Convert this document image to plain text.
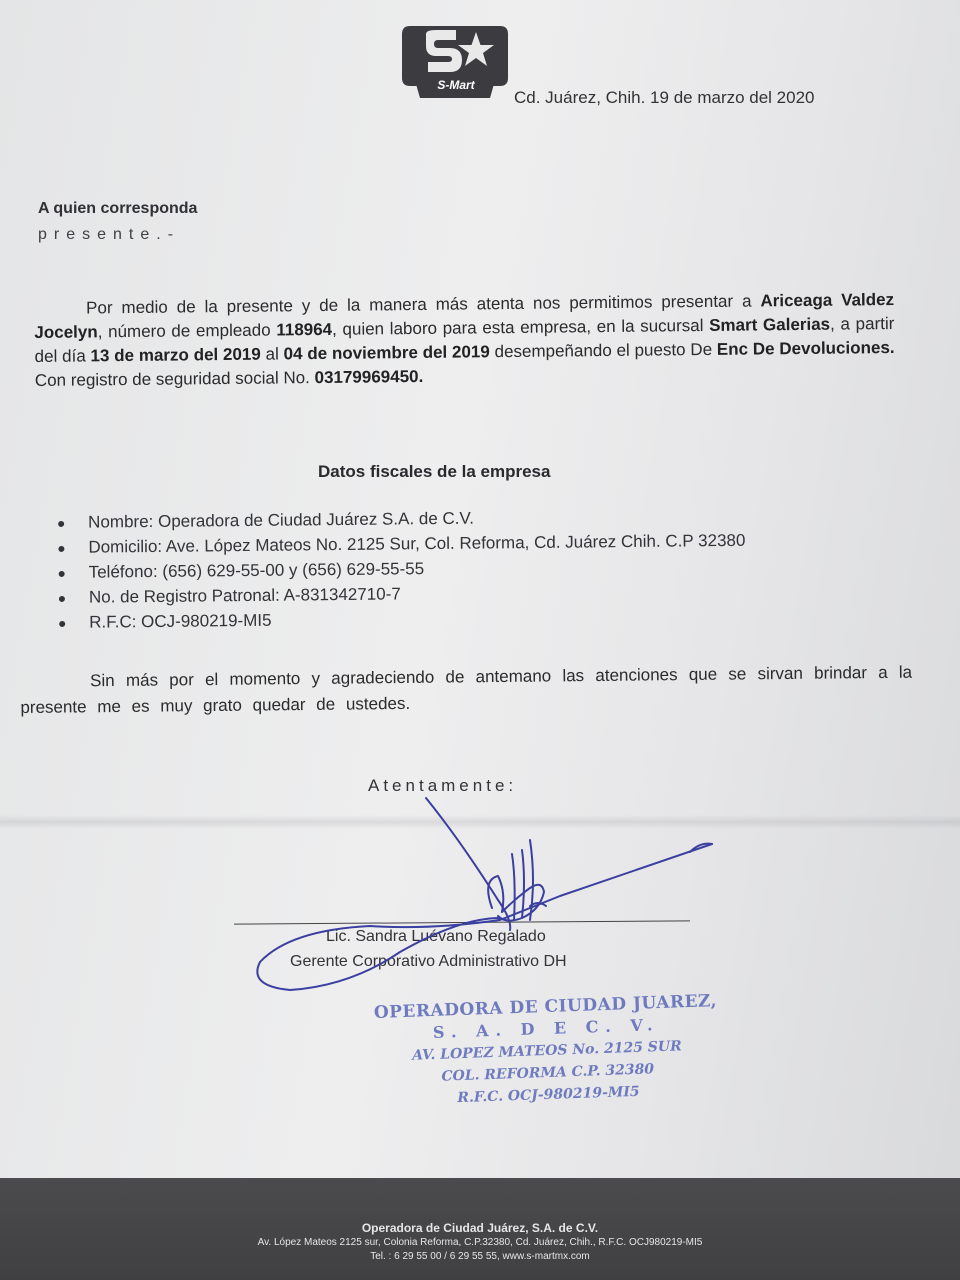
S-Mart
Cd. Juárez, Chih. 19 de marzo del 2020
A quien corresponda
presente.-

Por medio de la presente y de la manera más atenta nos permitimos presentar a Ariceaga Valdez Jocelyn, número de empleado 118964, quien laboro para esta empresa, en la sucursal Smart Galerias, a partir del día 13 de marzo del 2019 al 04 de noviembre del 2019 desempeñando el puesto De Enc De Devoluciones. Con registro de seguridad social No. 03179969450.

Datos fiscales de la empresa
Nombre: Operadora de Ciudad Juárez S.A. de C.V.
Domicilio: Ave. López Mateos No. 2125 Sur, Col. Reforma, Cd. Juárez Chih. C.P 32380
Teléfono: (656) 629-55-00 y (656) 629-55-55
No. de Registro Patronal: A-831342710-7
R.F.C: OCJ-980219-MI5

Sin más por el momento y agradeciendo de antemano las atenciones que se sirvan brindar a la presente me es muy grato quedar de ustedes.

Atentamente:
Lic. Sandra Luévano Regalado
Gerente Corporativo Administrativo DH
OPERADORA DE CIUDAD JUAREZ,
S. A. D E C. V.
AV. LOPEZ MATEOS No. 2125 SUR
COL. REFORMA C.P. 32380
R.F.C. OCJ-980219-MI5
Operadora de Ciudad Juárez, S.A. de C.V.
Av. López Mateos 2125 sur, Colonia Reforma, C.P.32380, Cd. Juárez, Chih., R.F.C. OCJ980219-MI5
Tel. : 6 29 55 00 / 6 29 55 55, www.s-martmx.com
